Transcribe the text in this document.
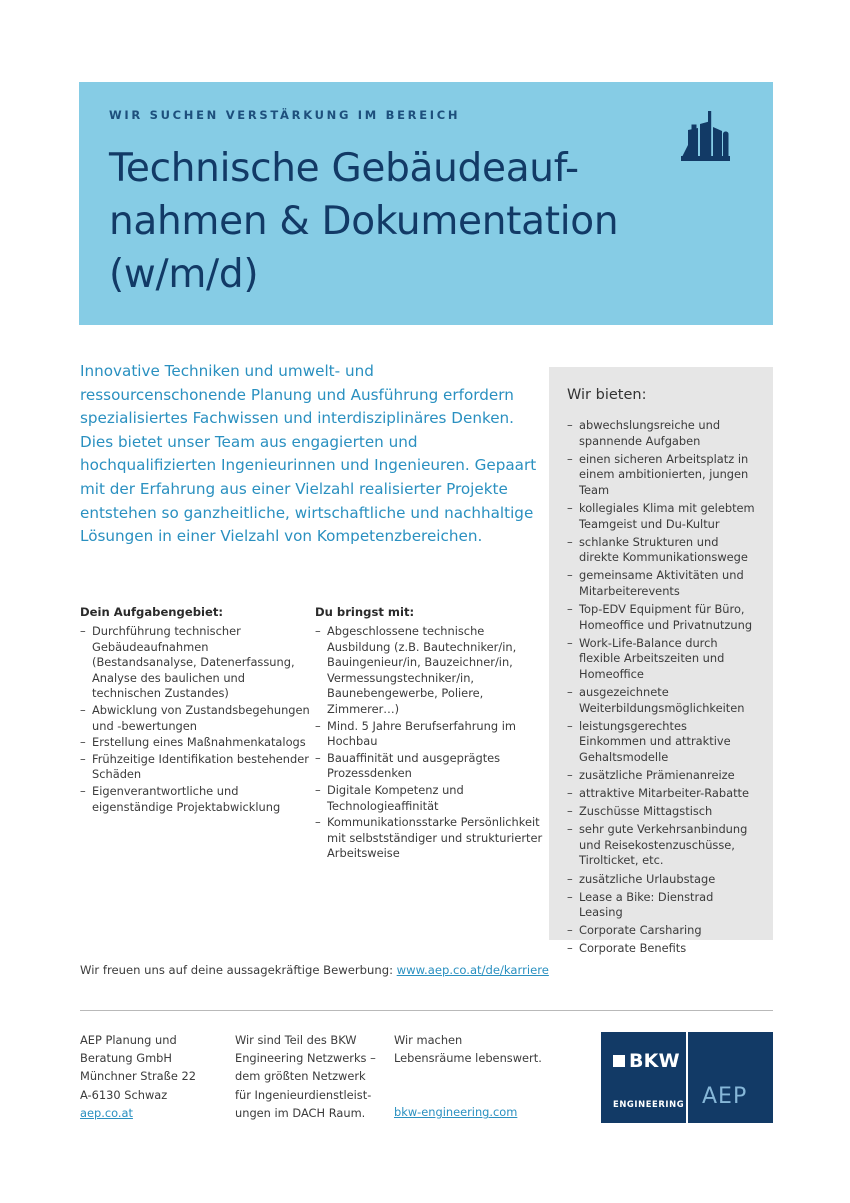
WIR SUCHEN VERSTÄRKUNG IM BEREICH
Technische Gebäudeauf-
nahmen & Dokumentation
(w/m/d)
Innovative Techniken und umwelt- und ressourcenschonende Planung und Ausführung erfordern spezialisiertes Fachwissen und interdisziplinäres Denken. Dies bietet unser Team aus engagierten und hochqualifizierten Ingenieurinnen und Ingenieuren. Gepaart mit der Erfahrung aus einer Vielzahl realisierter Projekte entstehen so ganzheitliche, wirtschaftliche und nachhaltige Lösungen in einer Vielzahl von Kompetenzbereichen.
Wir bieten:
– abwechslungsreiche und spannende Aufgaben
– einen sicheren Arbeitsplatz in einem ambitionierten, jungen Team
– kollegiales Klima mit gelebtem Teamgeist und Du-Kultur
– schlanke Strukturen und direkte Kommunikationswege
– gemeinsame Aktivitäten und Mitarbeiterevents
– Top-EDV Equipment für Büro, Homeoffice und Privatnutzung
– Work-Life-Balance durch flexible Arbeitszeiten und Homeoffice
– ausgezeichnete Weiterbildungsmöglichkeiten
– leistungsgerechtes Einkommen und attraktive Gehaltsmodelle
– zusätzliche Prämienanreize
– attraktive Mitarbeiter-Rabatte
– Zuschüsse Mittagstisch
– sehr gute Verkehrsanbindung und Reisekostenzuschüsse, Tirolticket, etc.
– zusätzliche Urlaubstage
– Lease a Bike: Dienstrad Leasing
– Corporate Carsharing
– Corporate Benefits
Dein Aufgabengebiet:
– Durchführung technischer Gebäudeaufnahmen (Bestandsanalyse, Datenerfassung, Analyse des baulichen und technischen Zustandes)
– Abwicklung von Zustandsbegehungen und -bewertungen
– Erstellung eines Maßnahmenkatalogs
– Frühzeitige Identifikation bestehender Schäden
– Eigenverantwortliche und eigenständige Projektabwicklung
Du bringst mit:
– Abgeschlossene technische Ausbildung (z.B. Bautechniker/in, Bauingenieur/in, Bauzeichner/in, Vermessungstechniker/in, Baunebengewerbe, Poliere, Zimmerer…)
– Mind. 5 Jahre Berufserfahrung im Hochbau
– Bauaffinität und ausgeprägtes Prozessdenken
– Digitale Kompetenz und Technologieaffinität
– Kommunikationsstarke Persönlichkeit mit selbstständiger und strukturierter Arbeitsweise
Wir freuen uns auf deine aussagekräftige Bewerbung: www.aep.co.at/de/karriere

AEP Planung und

Beratung GmbH

Münchner Straße 22

A-6130 Schwaz

aep.co.at

Wir sind Teil des BKW

Engineering Netzwerks –

dem größten Netzwerk

für Ingenieurdienstleist-

ungen im DACH Raum.

Wir machen

Lebensräume lebenswert.

bkw-engineering.com

BKW
ENGINEERING AEP
